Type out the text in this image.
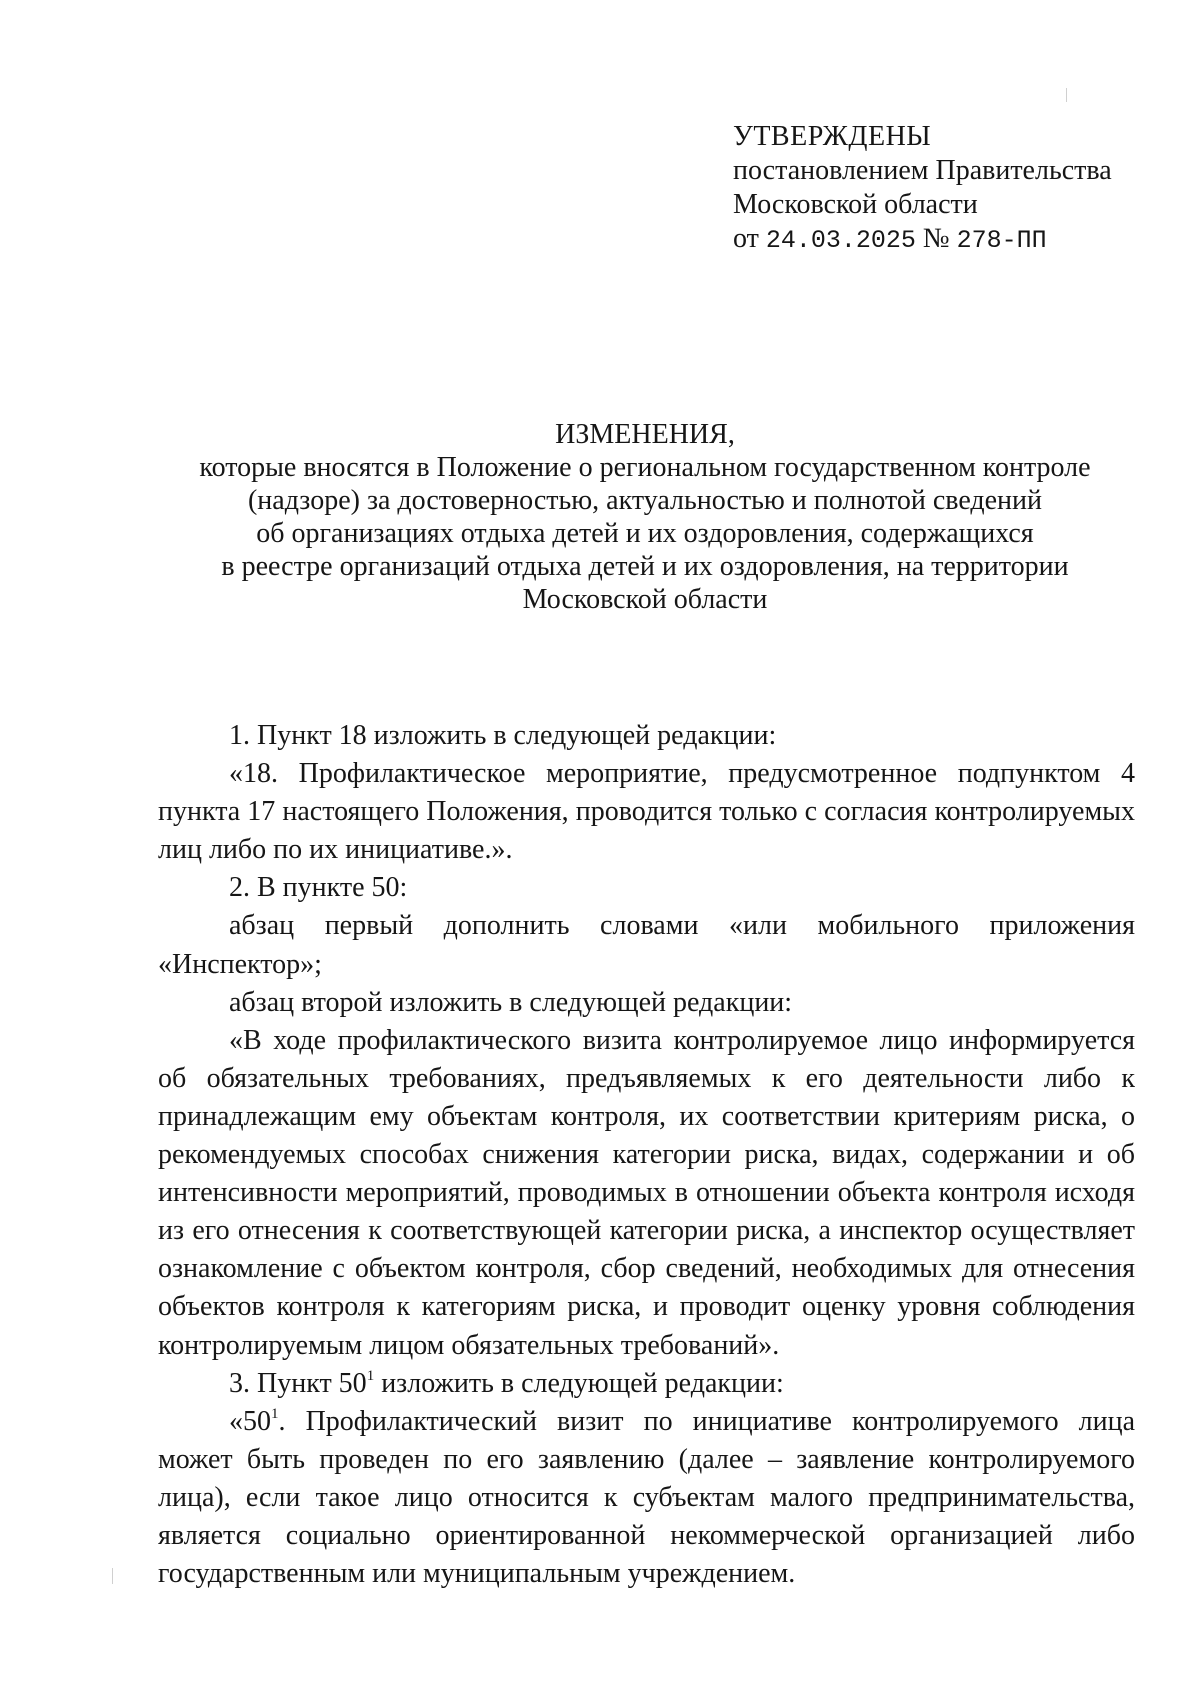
УТВЕРЖДЕНЫ
постановлением Правительства
Московской области
от 24.03.2025 № 278-ПП
ИЗМЕНЕНИЯ,
которые вносятся в Положение о региональном государственном контроле
(надзоре) за достоверностью, актуальностью и полнотой сведений
об организациях отдыха детей и их оздоровления, содержащихся
в реестре организаций отдыха детей и их оздоровления, на территории
Московской области

1. Пункт 18 изложить в следующей редакции:

«18. Профилактическое мероприятие, предусмотренное подпунктом 4 пункта 17 настоящего Положения, проводится только с согласия контролируемых лиц либо по их инициативе.».

2. В пункте 50:

абзац первый дополнить словами «или мобильного приложения «Инспектор»;

абзац второй изложить в следующей редакции:

«В ходе профилактического визита контролируемое лицо информируется об обязательных требованиях, предъявляемых к его деятельности либо к принадлежащим ему объектам контроля, их соответствии критериям риска, о рекомендуемых способах снижения категории риска, видах, содержании и об интенсивности мероприятий, проводимых в отношении объекта контроля исходя из его отнесения к соответствующей категории риска, а инспектор осуществляет ознакомление с объектом контроля, сбор сведений, необходимых для отнесения объектов контроля к категориям риска, и проводит оценку уровня соблюдения контролируемым лицом обязательных требований».

3. Пункт $50^1$ изложить в следующей редакции:

«$50^1$. Профилактический визит по инициативе контролируемого лица может быть проведен по его заявлению (далее – заявление контролируемого лица), если такое лицо относится к субъектам малого предпринимательства, является социально ориентированной некоммерческой организацией либо государственным или муниципальным учреждением.
